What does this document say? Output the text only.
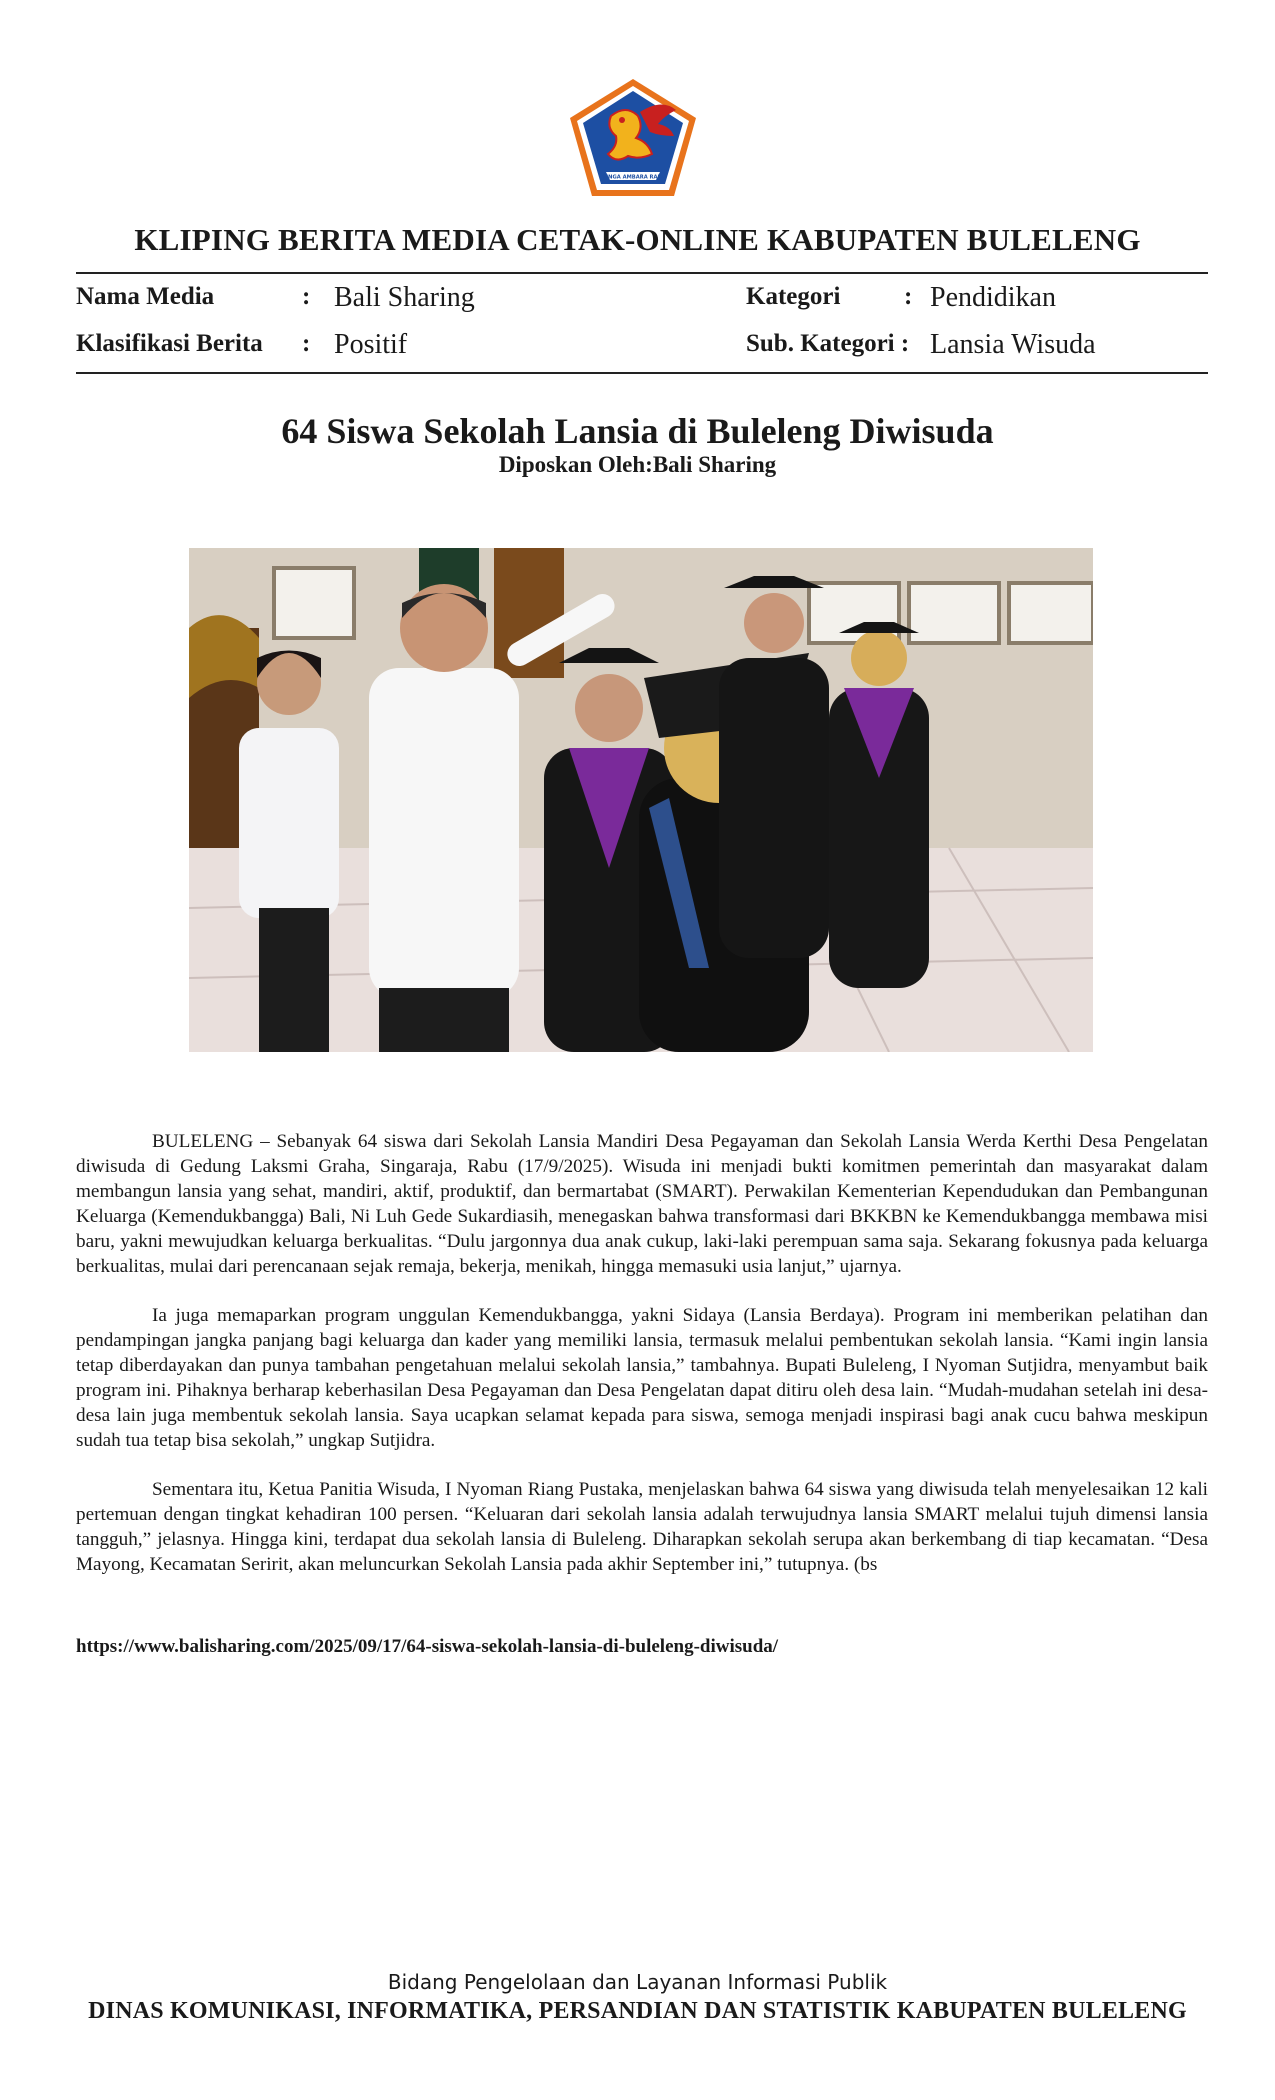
SINGA AMBARA RAJA
KLIPING BERITA MEDIA CETAK-ONLINE KABUPATEN BULELENG
Nama Media	: Bali Sharing	Kategori	: Pendidikan
Klasifikasi Berita : Positif	Sub. Kategori : Lansia Wisuda
64 Siswa Sekolah Lansia di Buleleng Diwisuda
Diposkan Oleh:Bali Sharing

BULELENG – Sebanyak 64 siswa dari Sekolah Lansia Mandiri Desa Pegayaman dan Sekolah Lansia Werda Kerthi Desa Pengelatan diwisuda di Gedung Laksmi Graha, Singaraja, Rabu (17/9/2025). Wisuda ini menjadi bukti komitmen pemerintah dan masyarakat dalam membangun lansia yang sehat, mandiri, aktif, produktif, dan bermartabat (SMART). Perwakilan Kementerian Kependudukan dan Pembangunan Keluarga (Kemendukbangga) Bali, Ni Luh Gede Sukardiasih, menegaskan bahwa transformasi dari BKKBN ke Kemendukbangga membawa misi baru, yakni mewujudkan keluarga berkualitas. “Dulu jargonnya dua anak cukup, laki-laki perempuan sama saja. Sekarang fokusnya pada keluarga berkualitas, mulai dari perencanaan sejak remaja, bekerja, menikah, hingga memasuki usia lanjut,” ujarnya.

Ia juga memaparkan program unggulan Kemendukbangga, yakni Sidaya (Lansia Berdaya). Program ini memberikan pelatihan dan pendampingan jangka panjang bagi keluarga dan kader yang memiliki lansia, termasuk melalui pembentukan sekolah lansia. “Kami ingin lansia tetap diberdayakan dan punya tambahan pengetahuan melalui sekolah lansia,” tambahnya. Bupati Buleleng, I Nyoman Sutjidra, menyambut baik program ini. Pihaknya berharap keberhasilan Desa Pegayaman dan Desa Pengelatan dapat ditiru oleh desa lain. “Mudah-mudahan setelah ini desa-desa lain juga membentuk sekolah lansia. Saya ucapkan selamat kepada para siswa, semoga menjadi inspirasi bagi anak cucu bahwa meskipun sudah tua tetap bisa sekolah,” ungkap Sutjidra.

Sementara itu, Ketua Panitia Wisuda, I Nyoman Riang Pustaka, menjelaskan bahwa 64 siswa yang diwisuda telah menyelesaikan 12 kali pertemuan dengan tingkat kehadiran 100 persen. “Keluaran dari sekolah lansia adalah terwujudnya lansia SMART melalui tujuh dimensi lansia tangguh,” jelasnya. Hingga kini, terdapat dua sekolah lansia di Buleleng. Diharapkan sekolah serupa akan berkembang di tiap kecamatan. “Desa Mayong, Kecamatan Seririt, akan meluncurkan Sekolah Lansia pada akhir September ini,” tutupnya. (bs

https://www.balisharing.com/2025/09/17/64-siswa-sekolah-lansia-di-buleleng-diwisuda/
Bidang Pengelolaan dan Layanan Informasi Publik
DINAS KOMUNIKASI, INFORMATIKA, PERSANDIAN DAN STATISTIK KABUPATEN BULELENG
